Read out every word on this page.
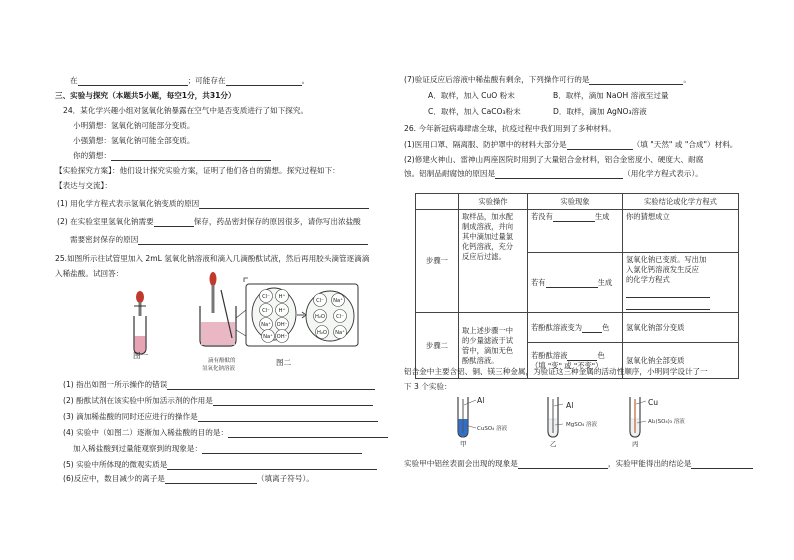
在	；可能存在	。
三、实验与探究（本题共5小题，每空1分，共31分）
24．某化学兴趣小组对氢氧化钠暴露在空气中是否变质进行了如下探究。
小明猜想：氢氧化钠可能部分变质。
小强猜想：氢氧化钠可能全部变质。
你的猜想：
【实验探究方案】：他们设计探究实验方案，证明了他们各自的猜想。探究过程如下：
【表达与交流】：
(1) 用化学方程式表示氢氧化钠变质的原因
(2) 在实验室里氢氧化钠需要	保存，药品密封保存的原因很多，请你写出浓盐酸
需要密封保存的原因
25.如图所示往试管里加入 2mL 氢氧化钠溶液和滴入几滴酚酞试液，然后再用胶头滴管逐滴滴
入稀盐酸。试回答：
图一
Cl⁻ H⁺
Cl⁻ H⁺
Na⁺ OH⁻
Na⁺ OH⁻
Cl⁻ Na⁺
H₂O Cl⁻
H₂O Na⁺
滴有酚酞的
氢氧化钠溶液
图二
(1) 指出如图一所示操作的错误
(2) 酚酞试剂在该实验中所加活示剂的作用是
(3) 滴加稀盐酸的同时还应进行的操作是
(4) 实验中（如图二）逐渐加入稀盐酸的目的是：
加入稀盐酸到过量能观察到的现象是：
(5) 实验中所体现的微观实质是
(6)反应中，数目减少的离子是	（填离子符号）。
(7)验证反应后溶液中稀盐酸有剩余，下列操作可行的是	。
A．取样，加入 CuO 粉末	B．取样，滴加 NaOH 溶液至过量
C．取样，加入 CaCO₃粉末	D．取样，滴加 AgNO₃溶液
26. 今年新冠病毒肆虐全球，抗疫过程中我们用到了多种材料。
(1)医用口罩、隔离服、防护罩中的材料大部分是	（填 "天然" 或 "合成"）材料。
(2)修建火神山、雷神山两座医院时用到了大量铝合金材料，铝合金密度小、硬度大、耐腐
蚀。铝制品耐腐蚀的原因是	（用化学方程式表示）。
	实验操作	实验现象	实验结论或化学方程式
步骤一	取样品，加水配
制成溶液，并向
其中滴加过量氯
化钙溶液，充分
反应后过滤。	若没有 生成	你的猜想成立
		若有 生成	氢氧化钠已变质。写出加
入氯化钙溶液发生反应
的化学方程式

步骤二	取上述步骤一中
的少量滤液于试
管中，滴加无色
酚酞溶液。	若酚酞溶液变为 色	氢氧化钠部分变质

		若酚酞溶液 色
（填 "变" 或 "不变"）	氢氧化钠全部变质
铝合金中主要含铝、铜、镁三种金属，为验证这三种金属的活动性顺序，小明同学设计了一
下 3 个实验：
Al
CuSO₄ 溶液
甲
Al
MgSO₄ 溶液
乙
Cu
Al₂(SO₄)₃ 溶液
丙
实验甲中铝丝表面会出现的现象是	，实验甲能得出的结论是
